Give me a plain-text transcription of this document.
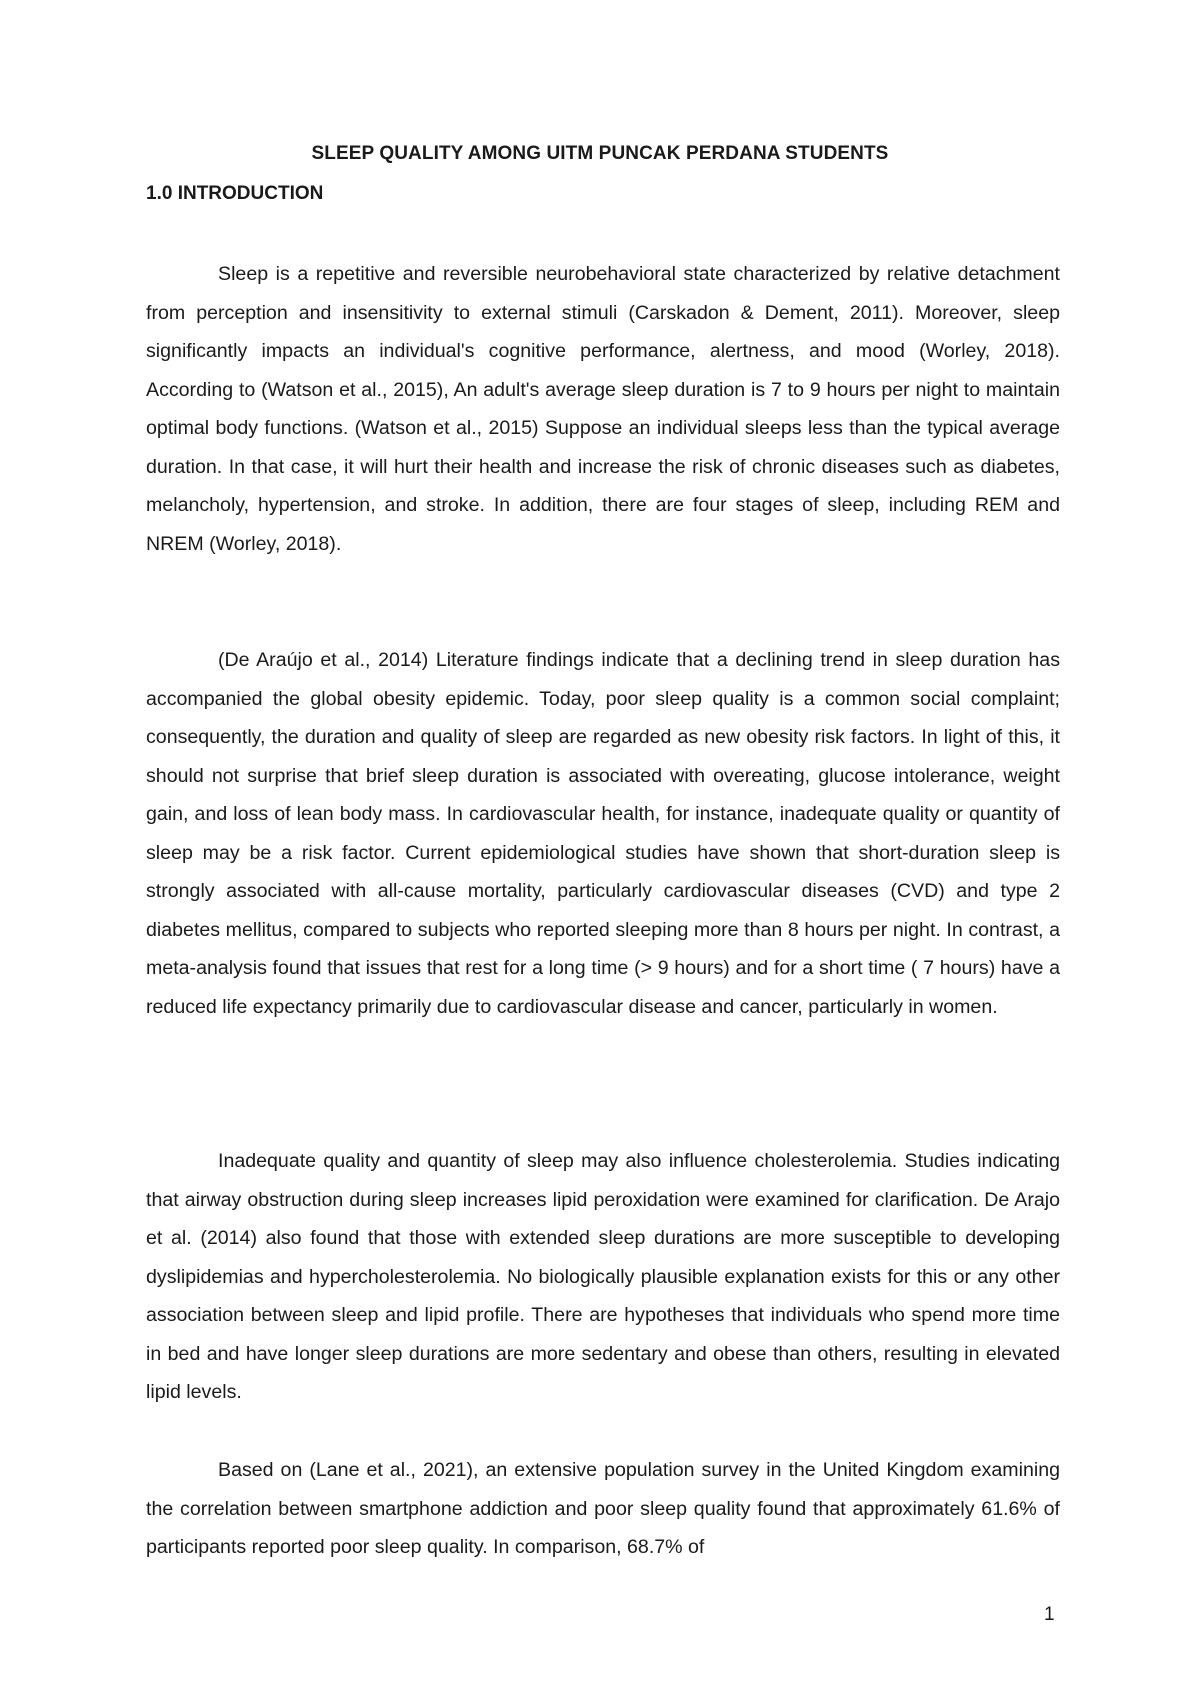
SLEEP QUALITY AMONG UITM PUNCAK PERDANA STUDENTS
1.0 INTRODUCTION

Sleep is a repetitive and reversible neurobehavioral state characterized by relative detachment from perception and insensitivity to external stimuli (Carskadon & Dement, 2011). Moreover, sleep significantly impacts an individual's cognitive performance, alertness, and mood (Worley, 2018). According to (Watson et al., 2015), An adult's average sleep duration is 7 to 9 hours per night to maintain optimal body functions. (Watson et al., 2015) Suppose an individual sleeps less than the typical average duration. In that case, it will hurt their health and increase the risk of chronic diseases such as diabetes, melancholy, hypertension, and stroke. In addition, there are four stages of sleep, including REM and NREM (Worley, 2018).

(De Araújo et al., 2014) Literature findings indicate that a declining trend in sleep duration has accompanied the global obesity epidemic. Today, poor sleep quality is a common social complaint; consequently, the duration and quality of sleep are regarded as new obesity risk factors. In light of this, it should not surprise that brief sleep duration is associated with overeating, glucose intolerance, weight gain, and loss of lean body mass. In cardiovascular health, for instance, inadequate quality or quantity of sleep may be a risk factor. Current epidemiological studies have shown that short-duration sleep is strongly associated with all-cause mortality, particularly cardiovascular diseases (CVD) and type 2 diabetes mellitus, compared to subjects who reported sleeping more than 8 hours per night. In contrast, a meta-analysis found that issues that rest for a long time (> 9 hours) and for a short time ( 7 hours) have a reduced life expectancy primarily due to cardiovascular disease and cancer, particularly in women.

Inadequate quality and quantity of sleep may also influence cholesterolemia. Studies indicating that airway obstruction during sleep increases lipid peroxidation were examined for clarification. De Arajo et al. (2014) also found that those with extended sleep durations are more susceptible to developing dyslipidemias and hypercholesterolemia. No biologically plausible explanation exists for this or any other association between sleep and lipid profile. There are hypotheses that individuals who spend more time in bed and have longer sleep durations are more sedentary and obese than others, resulting in elevated lipid levels.

Based on (Lane et al., 2021), an extensive population survey in the United Kingdom examining the correlation between smartphone addiction and poor sleep quality found that approximately 61.6% of participants reported poor sleep quality. In comparison, 68.7% of

1
